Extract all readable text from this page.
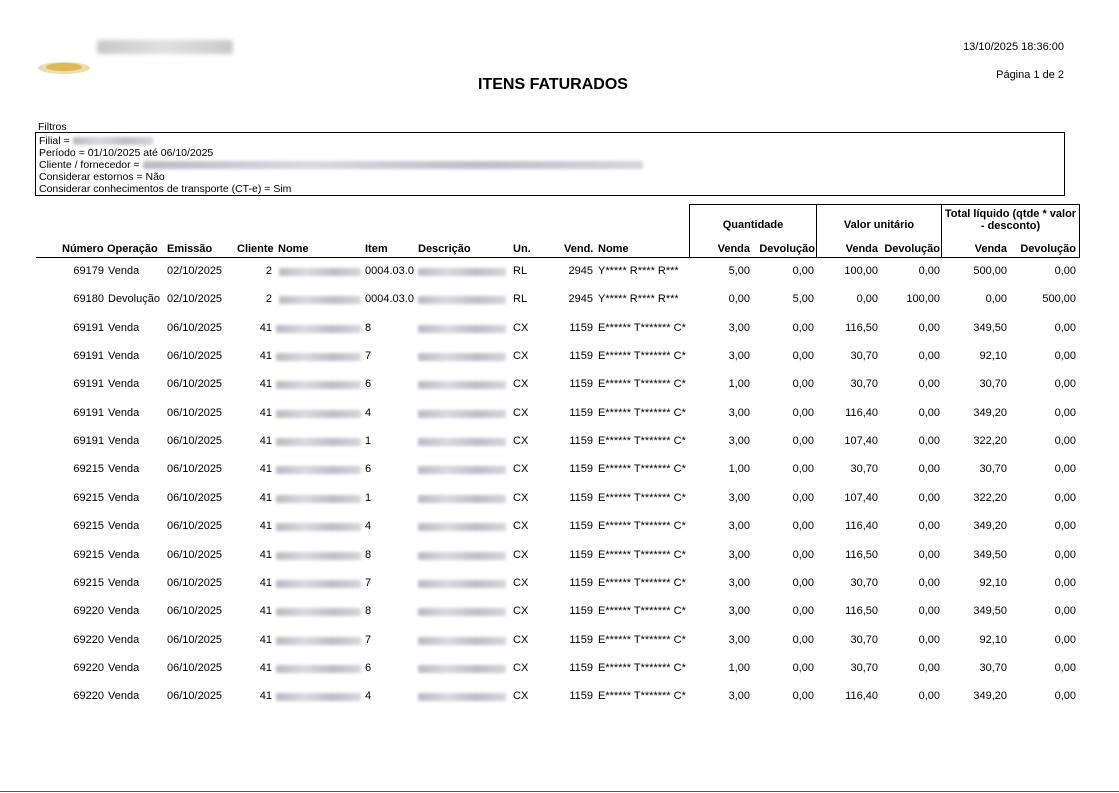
13/10/2025 18:36:00
Página 1 de 2
ITENS FATURADOS
Filtros
Filial =
Período = 01/10/2025 até 06/10/2025
Cliente / fornecedor =
Considerar estornos = Não
Considerar conhecimentos de transporte (CT-e) = Sim
Quantidade	Valor unitário
Total líquido (qtde * valor - desconto)
Número Operação Emissão Cliente Nome	Item	Descrição	Un.	Vend. Nome	Venda Devolução	Venda Devolução	Venda	Devolução
69179 Venda	02/10/2025	2	0004.03.0	RL	2945 Y***** R**** R***	5,00	0,00	100,00	0,00	500,00	0,00
69180 Devolução 02/10/2025	2	0004.03.0	RL	2945 Y***** R**** R***	0,00	5,00	0,00	100,00	0,00	500,00
69191 Venda	06/10/2025	41	8	CX	1159 E****** T******* C*	3,00	0,00	116,50	0,00	349,50	0,00
69191 Venda	06/10/2025	41	7	CX	1159 E****** T******* C*	3,00	0,00	30,70	0,00	92,10	0,00
69191 Venda	06/10/2025	41	6	CX	1159 E****** T******* C*	1,00	0,00	30,70	0,00	30,70	0,00
69191 Venda	06/10/2025	41	4	CX	1159 E****** T******* C*	3,00	0,00	116,40	0,00	349,20	0,00
69191 Venda	06/10/2025	41	1	CX	1159 E****** T******* C*	3,00	0,00	107,40	0,00	322,20	0,00
69215 Venda	06/10/2025	41	6	CX	1159 E****** T******* C*	1,00	0,00	30,70	0,00	30,70	0,00
69215 Venda	06/10/2025	41	1	CX	1159 E****** T******* C*	3,00	0,00	107,40	0,00	322,20	0,00
69215 Venda	06/10/2025	41	4	CX	1159 E****** T******* C*	3,00	0,00	116,40	0,00	349,20	0,00
69215 Venda	06/10/2025	41	8	CX	1159 E****** T******* C*	3,00	0,00	116,50	0,00	349,50	0,00
69215 Venda	06/10/2025	41	7	CX	1159 E****** T******* C*	3,00	0,00	30,70	0,00	92,10	0,00
69220 Venda	06/10/2025	41	8	CX	1159 E****** T******* C*	3,00	0,00	116,50	0,00	349,50	0,00
69220 Venda	06/10/2025	41	7	CX	1159 E****** T******* C*	3,00	0,00	30,70	0,00	92,10	0,00
69220 Venda	06/10/2025	41	6	CX	1159 E****** T******* C*	1,00	0,00	30,70	0,00	30,70	0,00
69220 Venda	06/10/2025	41	4	CX	1159 E****** T******* C*	3,00	0,00	116,40	0,00	349,20	0,00
